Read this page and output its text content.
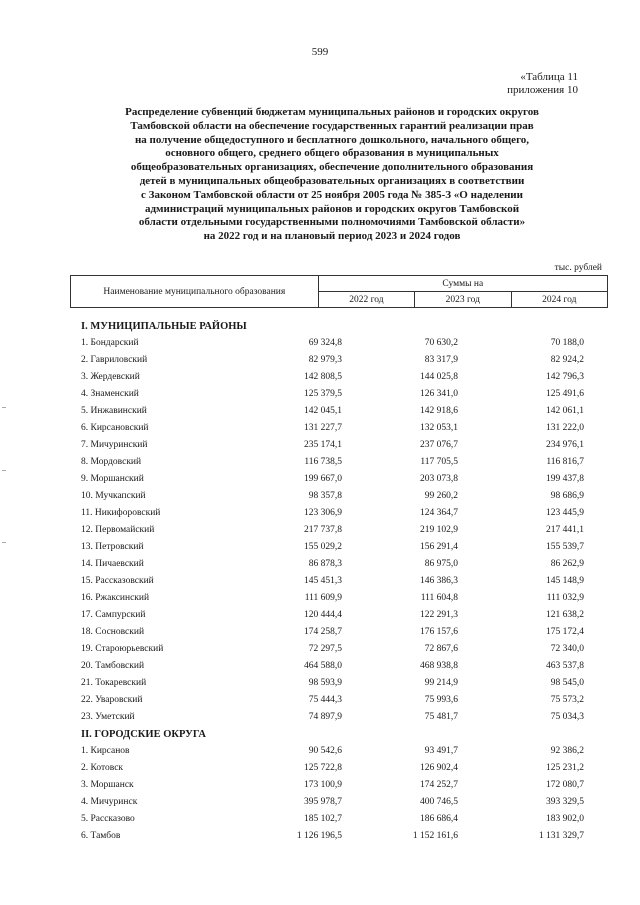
599
«Таблица 11
приложения 10
Распределение субвенций бюджетам муниципальных районов и городских округов
Тамбовской области на обеспечение государственных гарантий реализации прав
на получение общедоступного и бесплатного дошкольного, начального общего,
основного общего, среднего общего образования в муниципальных
общеобразовательных организациях, обеспечение дополнительного образования
детей в муниципальных общеобразовательных организациях в соответствии
с Законом Тамбовской области от 25 ноября 2005 года № 385-З «О наделении
администраций муниципальных районов и городских округов Тамбовской
области отдельными государственными полномочиями Тамбовской области»
на 2022 год и на плановый период 2023 и 2024 годов
тыс. рублей
Наименование муниципального образования	Суммы на		
	2022 год	2023 год	2024 год
I. МУНИЦИПАЛЬНЫЕ РАЙОНЫ
1. Бондарский	69 324,8	70 630,2	70 188,0
2. Гавриловский	82 979,3	83 317,9	82 924,2
3. Жердевский	142 808,5	144 025,8	142 796,3
4. Знаменский	125 379,5	126 341,0	125 491,6
5. Инжавинский	142 045,1	142 918,6	142 061,1
6. Кирсановский	131 227,7	132 053,1	131 222,0
7. Мичуринский	235 174,1	237 076,7	234 976,1
8. Мордовский	116 738,5	117 705,5	116 816,7
9. Моршанский	199 667,0	203 073,8	199 437,8
10. Мучкапский	98 357,8	99 260,2	98 686,9
11. Никифоровский	123 306,9	124 364,7	123 445,9
12. Первомайский	217 737,8	219 102,9	217 441,1
13. Петровский	155 029,2	156 291,4	155 539,7
14. Пичаевский	86 878,3	86 975,0	86 262,9
15. Рассказовский	145 451,3	146 386,3	145 148,9
16. Ржаксинский	111 609,9	111 604,8	111 032,9
17. Сампурский	120 444,4	122 291,3	121 638,2
18. Сосновский	174 258,7	176 157,6	175 172,4
19. Староюрьевский	72 297,5	72 867,6	72 340,0
20. Тамбовский	464 588,0	468 938,8	463 537,8
21. Токаревский	98 593,9	99 214,9	98 545,0
22. Уваровский	75 444,3	75 993,6	75 573,2
23. Уметский	74 897,9	75 481,7	75 034,3
II. ГОРОДСКИЕ ОКРУГА
1. Кирсанов	90 542,6	93 491,7	92 386,2
2. Котовск	125 722,8	126 902,4	125 231,2
3. Моршанск	173 100,9	174 252,7	172 080,7
4. Мичуринск	395 978,7	400 746,5	393 329,5
5. Рассказово	185 102,7	186 686,4	183 902,0
6. Тамбов	1 126 196,5	1 152 161,6	1 131 329,7
